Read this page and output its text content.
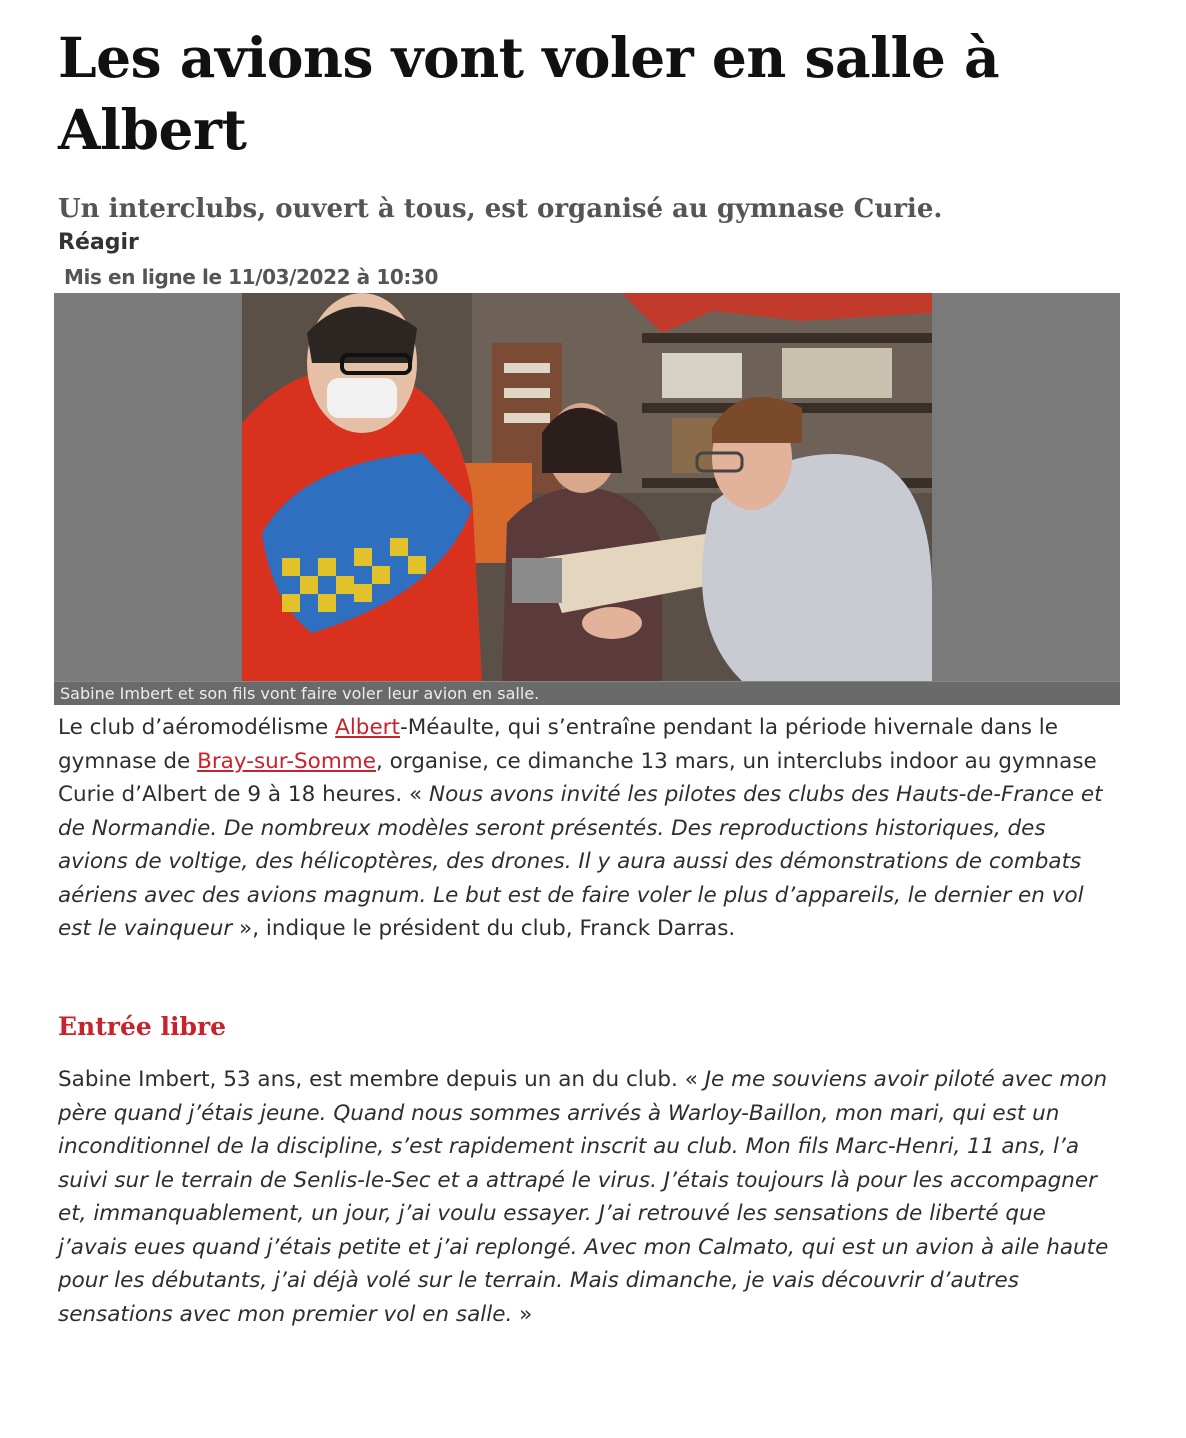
Les avions vont voler en salle à Albert
Un interclubs, ouvert à tous, est organisé au gymnase Curie.
Réagir
Mis en ligne le 11/03/2022 à 10:30
Sabine Imbert et son fils vont faire voler leur avion en salle.
Le club d’aéromodélisme Albert-Méaulte, qui s’entraîne pendant la période hivernale dans le gymnase de Bray-sur-Somme, organise, ce dimanche 13 mars, un interclubs indoor au gymnase Curie d’Albert de 9 à 18 heures. « Nous avons invité les pilotes des clubs des Hauts-de-France et de Normandie. De nombreux modèles seront présentés. Des reproductions historiques, des avions de voltige, des hélicoptères, des drones. Il y aura aussi des démonstrations de combats aériens avec des avions magnum. Le but est de faire voler le plus d’appareils, le dernier en vol est le vainqueur », indique le président du club, Franck Darras.
Entrée libre
Sabine Imbert, 53 ans, est membre depuis un an du club. « Je me souviens avoir piloté avec mon père quand j’étais jeune. Quand nous sommes arrivés à Warloy-Baillon, mon mari, qui est un inconditionnel de la discipline, s’est rapidement inscrit au club. Mon fils Marc-Henri, 11 ans, l’a suivi sur le terrain de Senlis-le-Sec et a attrapé le virus. J’étais toujours là pour les accompagner et, immanquablement, un jour, j’ai voulu essayer. J’ai retrouvé les sensations de liberté que j’avais eues quand j’étais petite et j’ai replongé. Avec mon Calmato, qui est un avion à aile haute pour les débutants, j’ai déjà volé sur le terrain. Mais dimanche, je vais découvrir d’autres sensations avec mon premier vol en salle. »
